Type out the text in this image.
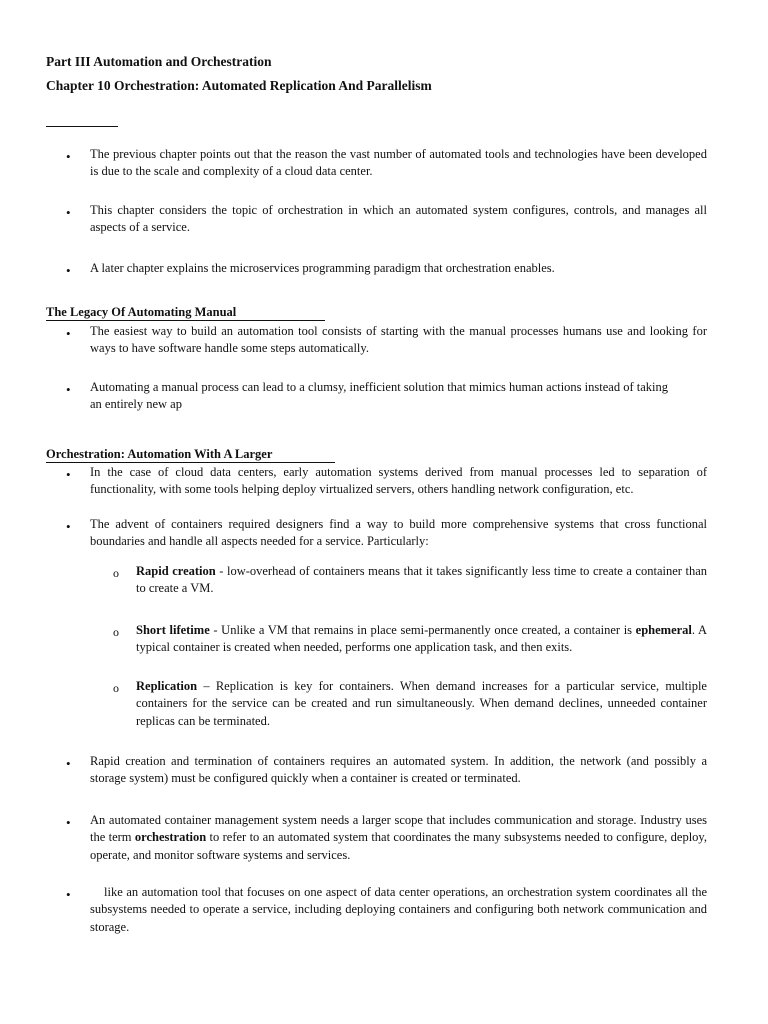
Part III Automation and Orchestration
Chapter 10 Orchestration: Automated Replication And Parallelism
• The previous chapter points out that the reason the vast number of automated tools and technologies have been developed is due to the scale and complexity of a cloud data center.
• This chapter considers the topic of orchestration in which an automated system configures, controls, and manages all aspects of a service.
• A later chapter explains the microservices programming paradigm that orchestration enables.
The Legacy Of Automating Manual
• The easiest way to build an automation tool consists of starting with the manual processes humans use and looking for ways to have software handle some steps automatically.
• Automating a manual process can lead to a clumsy, inefficient solution that mimics human actions instead of taking an entirely new ap
Orchestration: Automation With A Larger
• In the case of cloud data centers, early automation systems derived from manual processes led to separation of functionality, with some tools helping deploy virtualized servers, others handling network configuration, etc.
• The advent of containers required designers find a way to build more comprehensive systems that cross functional boundaries and handle all aspects needed for a service. Particularly:
o Rapid creation - low-overhead of containers means that it takes significantly less time to create a container than to create a VM.
o Short lifetime - Unlike a VM that remains in place semi-permanently once created, a container is ephemeral. A typical container is created when needed, performs one application task, and then exits.
o Replication – Replication is key for containers. When demand increases for a particular service, multiple containers for the service can be created and run simultaneously. When demand declines, unneeded container replicas can be terminated.
• Rapid creation and termination of containers requires an automated system. In addition, the network (and possibly a storage system) must be configured quickly when a container is created or terminated.
• An automated container management system needs a larger scope that includes communication and storage. Industry uses the term orchestration to refer to an automated system that coordinates the many subsystems needed to configure, deploy, operate, and monitor software systems and services.
•	like an automation tool that focuses on one aspect of data center operations, an orchestration system coordinates all the subsystems needed to operate a service, including deploying containers and configuring both network communication and storage.
